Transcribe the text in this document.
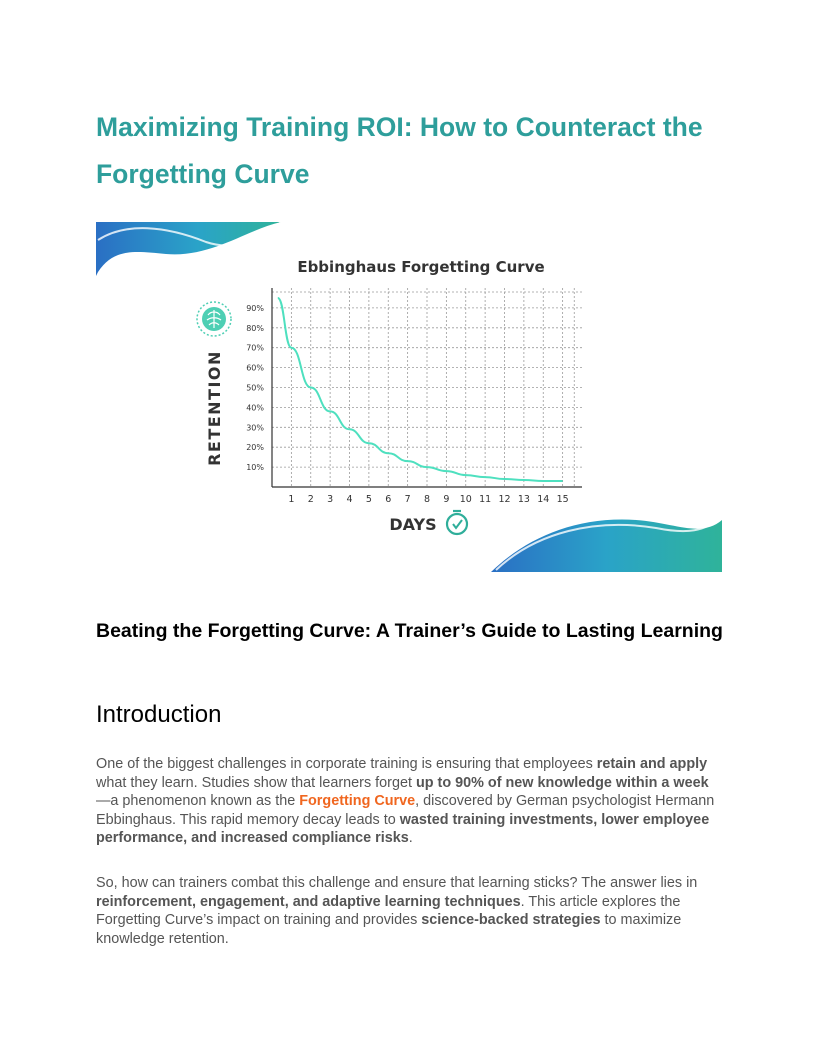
Maximizing Training ROI: How to Counteract the Forgetting Curve
Ebbinghaus Forgetting Curve
RETENTION
1 2 3 4 5 6 7 8 9 10 11 12 13 14 15
10%
20%
30%
40%
50%
60%
70%
80%
90%
DAYS
Beating the Forgetting Curve: A Trainer’s Guide to Lasting Learning
Introduction

One of the biggest challenges in corporate training is ensuring that employees retain and apply what they learn. Studies show that learners forget up to 90% of new knowledge within a week—a phenomenon known as the Forgetting Curve, discovered by German psychologist Hermann Ebbinghaus. This rapid memory decay leads to wasted training investments, lower employee performance, and increased compliance risks.

So, how can trainers combat this challenge and ensure that learning sticks? The answer lies in reinforcement, engagement, and adaptive learning techniques. This article explores the Forgetting Curve’s impact on training and provides science-backed strategies to maximize knowledge retention.
